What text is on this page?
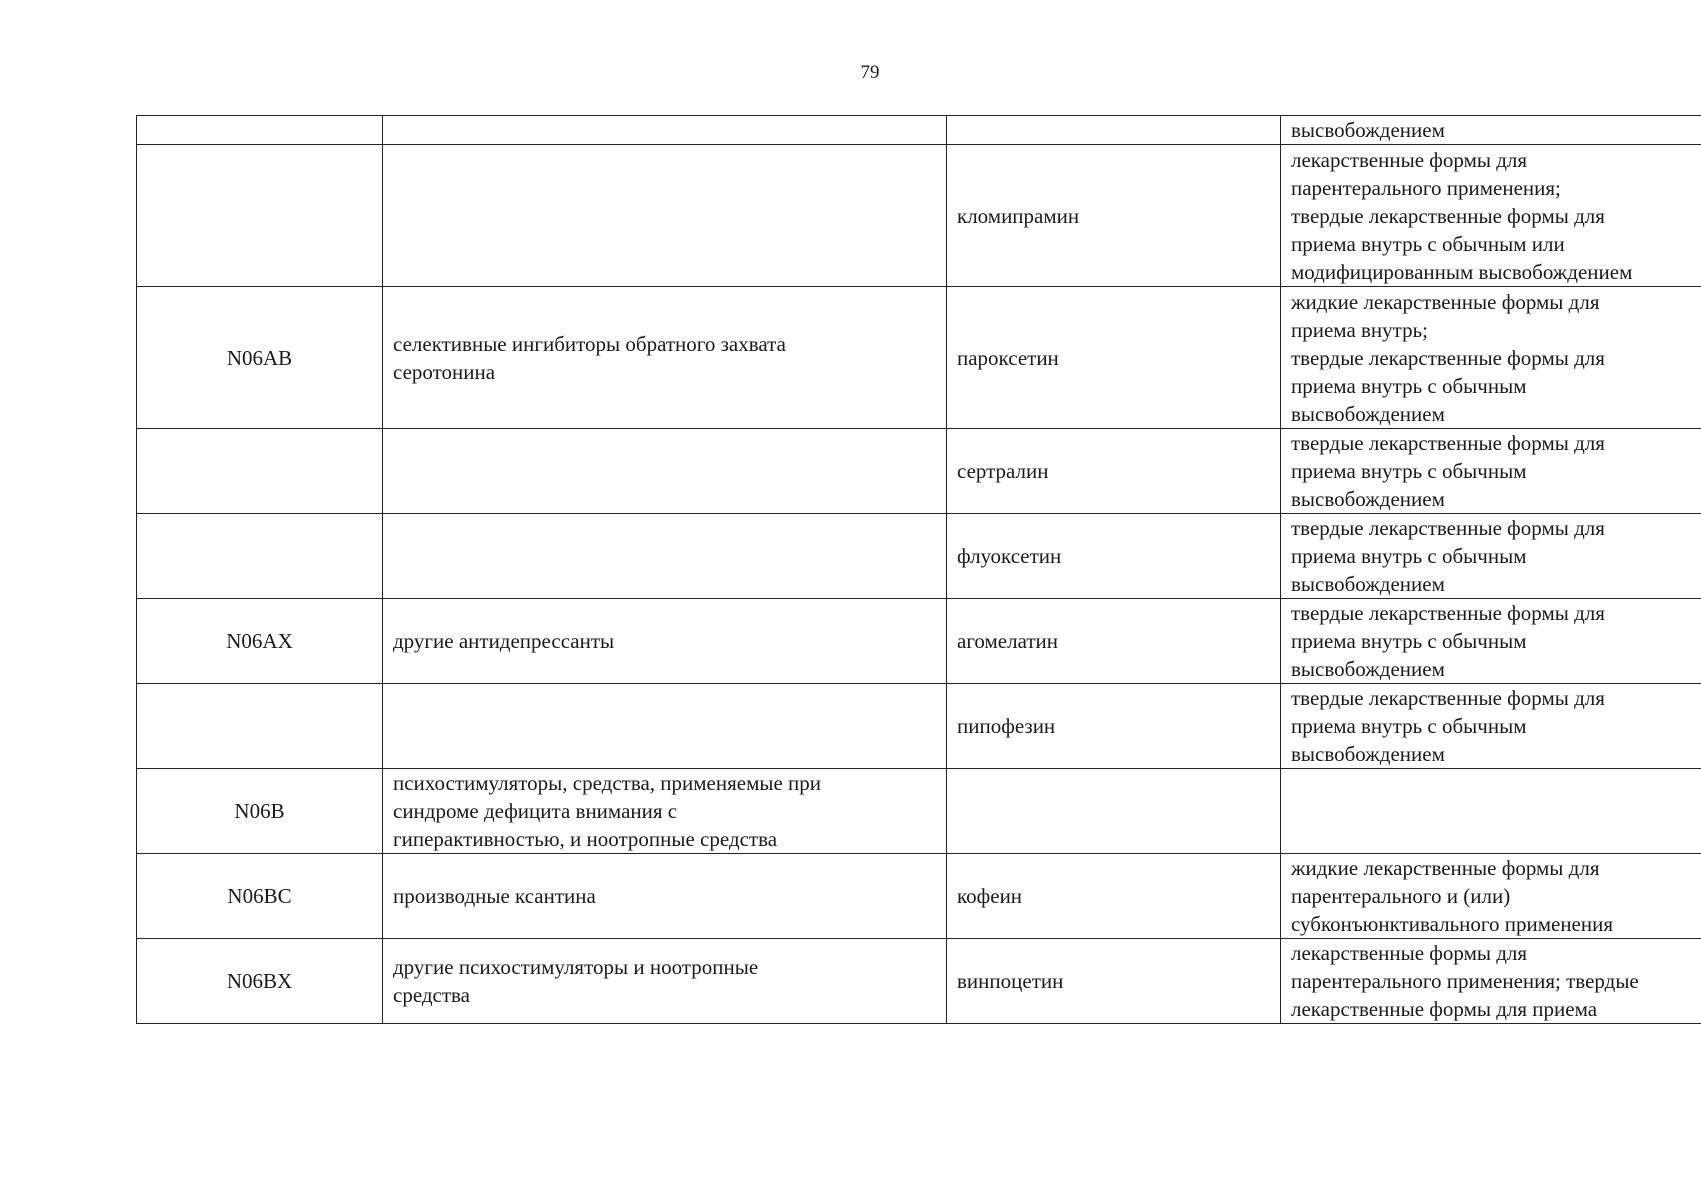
79

			высвобождением

		кломипрамин	лекарственные формы для
парентерального применения;
твердые лекарственные формы для
приема внутрь с обычным или
модифицированным высвобождением

N06AB	селективные ингибиторы обратного захвата
серотонина	пароксетин	жидкие лекарственные формы для
приема внутрь;
твердые лекарственные формы для
приема внутрь с обычным
высвобождением

		сертралин	твердые лекарственные формы для
приема внутрь с обычным
высвобождением

		флуоксетин	твердые лекарственные формы для
приема внутрь с обычным
высвобождением

N06AX	другие антидепрессанты	агомелатин	твердые лекарственные формы для
приема внутрь с обычным
высвобождением

		пипофезин	твердые лекарственные формы для
приема внутрь с обычным
высвобождением

N06B	психостимуляторы, средства, применяемые при
синдроме дефицита внимания с
гиперактивностью, и ноотропные средства		

N06BC	производные ксантина	кофеин	жидкие лекарственные формы для
парентерального и (или)
субконъюнктивального применения

N06BX	другие психостимуляторы и ноотропные
средства	винпоцетин	лекарственные формы для
парентерального применения; твердые
лекарственные формы для приема
